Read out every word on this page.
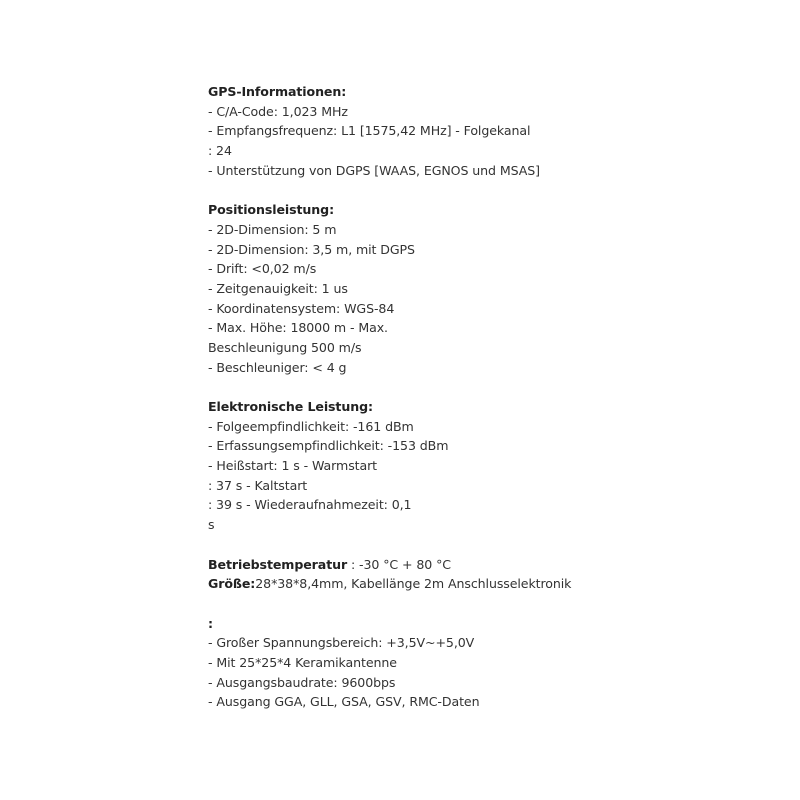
GPS-Informationen:
- C/A-Code: 1,023 MHz
- Empfangsfrequenz: L1 [1575,42 MHz] - Folgekanal
: 24
- Unterstützung von DGPS [WAAS, EGNOS und MSAS]
Positionsleistung:
- 2D-Dimension: 5 m
- 2D-Dimension: 3,5 m, mit DGPS
- Drift: <0,02 m/s
- Zeitgenauigkeit: 1 us
- Koordinatensystem: WGS-84
- Max. Höhe: 18000 m - Max.
Beschleunigung 500 m/s
- Beschleuniger: < 4 g
Elektronische Leistung:
- Folgeempfindlichkeit: -161 dBm
- Erfassungsempfindlichkeit: -153 dBm
- Heißstart: 1 s - Warmstart
: 37 s - Kaltstart
: 39 s - Wiederaufnahmezeit: 0,1
s
Betriebstemperatur : -30 °C + 80 °C
Größe:28*38*8,4mm, Kabellänge 2m Anschlusselektronik
:
- Großer Spannungsbereich: +3,5V~+5,0V
- Mit 25*25*4 Keramikantenne
- Ausgangsbaudrate: 9600bps
- Ausgang GGA, GLL, GSA, GSV, RMC-Daten
